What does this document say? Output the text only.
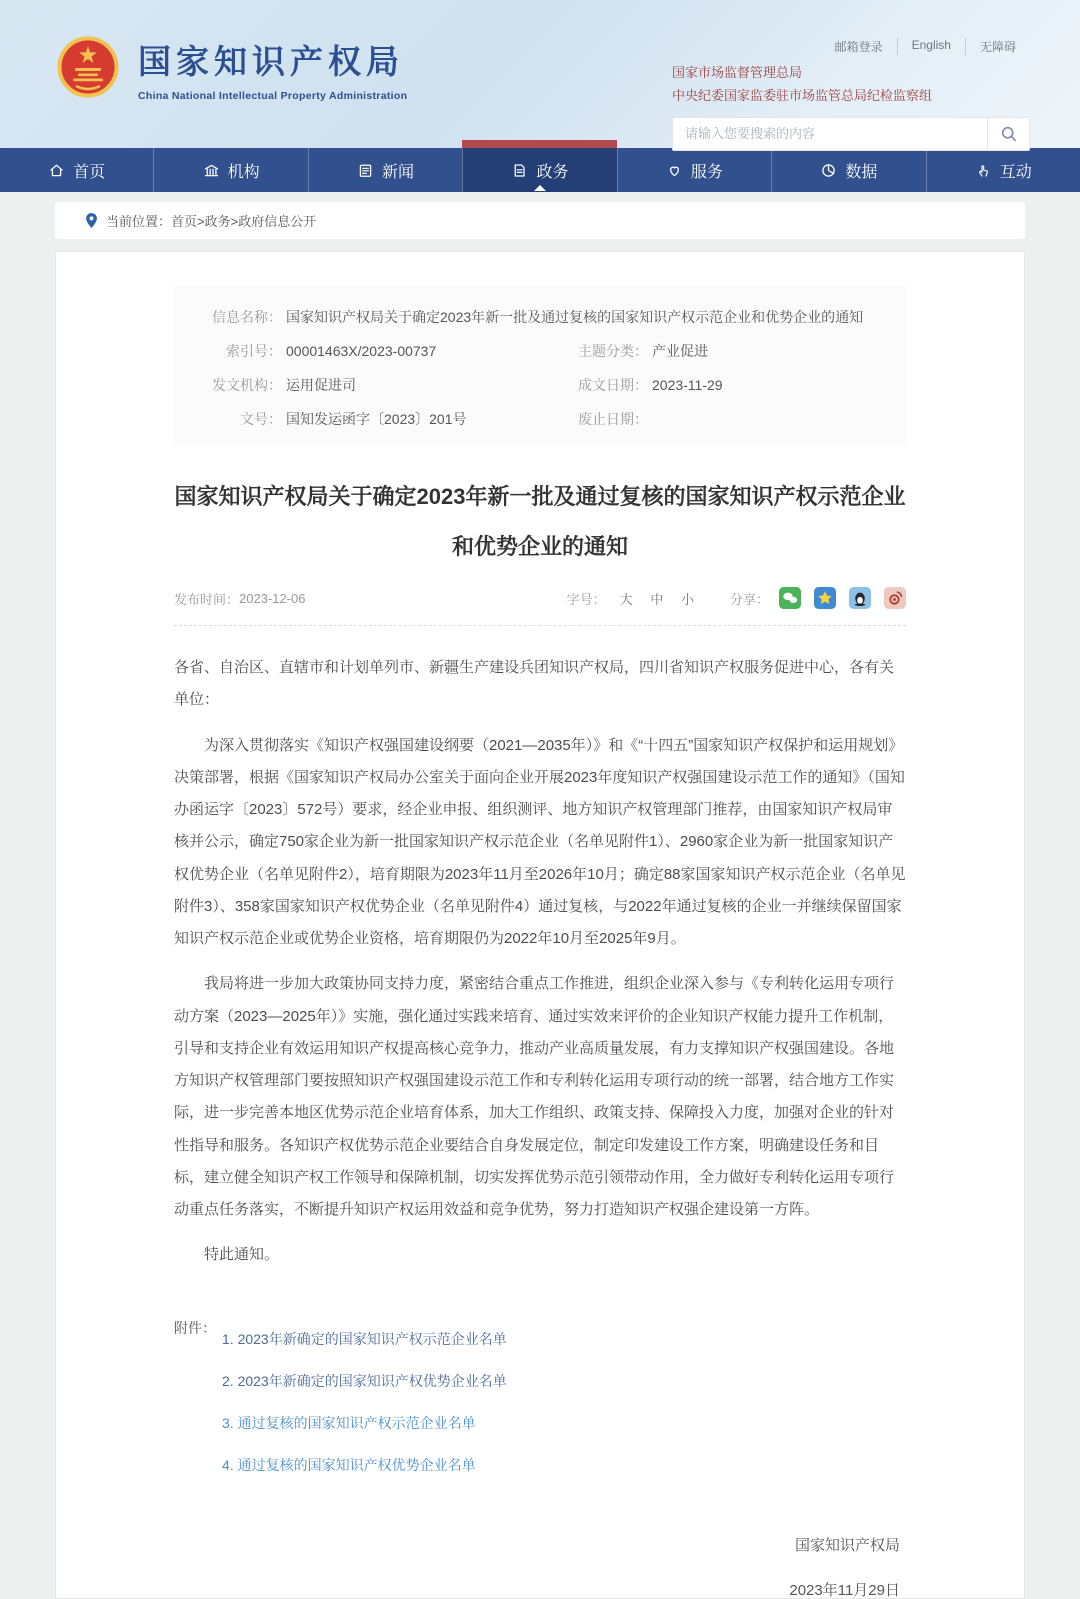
国家知识产权局
China National Intellectual Property Administration
邮箱登录	English	无障碍
国家市场监督管理总局
中央纪委国家监委驻市场监管总局纪检监察组
请输入您要搜索的内容
首页	机构	新闻	政务	服务	数据	互动
当前位置： 首页>政务>政府信息公开
信息名称： 国家知识产权局关于确定2023年新一批及通过复核的国家知识产权示范企业和优势企业的通知
索引号： 00001463X/2023-00737	主题分类： 产业促进
发文机构： 运用促进司	成文日期： 2023-11-29
文号： 国知发运函字〔2023〕201号	废止日期：
国家知识产权局关于确定2023年新一批及通过复核的国家知识产权示范企业和优势企业的通知
发布时间： 2023-12-06	字号：	大 中 小	分享：

各省、自治区、直辖市和计划单列市、新疆生产建设兵团知识产权局，四川省知识产权服务促进中心，各有关单位：

为深入贯彻落实《知识产权强国建设纲要（2021—2035年）》和《“十四五”国家知识产权保护和运用规划》决策部署，根据《国家知识产权局办公室关于面向企业开展2023年度知识产权强国建设示范工作的通知》（国知办函运字〔2023〕572号）要求，经企业申报、组织测评、地方知识产权管理部门推荐，由国家知识产权局审核并公示，确定750家企业为新一批国家知识产权示范企业（名单见附件1）、2960家企业为新一批国家知识产权优势企业（名单见附件2），培育期限为2023年11月至2026年10月；确定88家国家知识产权示范企业（名单见附件3）、358家国家知识产权优势企业（名单见附件4）通过复核，与2022年通过复核的企业一并继续保留国家知识产权示范企业或优势企业资格，培育期限仍为2022年10月至2025年9月。

我局将进一步加大政策协同支持力度，紧密结合重点工作推进，组织企业深入参与《专利转化运用专项行动方案（2023—2025年）》实施，强化通过实践来培育、通过实效来评价的企业知识产权能力提升工作机制，引导和支持企业有效运用知识产权提高核心竞争力，推动产业高质量发展，有力支撑知识产权强国建设。各地方知识产权管理部门要按照知识产权强国建设示范工作和专利转化运用专项行动的统一部署，结合地方工作实际，进一步完善本地区优势示范企业培育体系，加大工作组织、政策支持、保障投入力度，加强对企业的针对性指导和服务。各知识产权优势示范企业要结合自身发展定位，制定印发建设工作方案，明确建设任务和目标，建立健全知识产权工作领导和保障机制，切实发挥优势示范引领带动作用，全力做好专利转化运用专项行动重点任务落实，不断提升知识产权运用效益和竞争优势，努力打造知识产权强企建设第一方阵。

特此通知。

附件：
1. 2023年新确定的国家知识产权示范企业名单
2. 2023年新确定的国家知识产权优势企业名单
3. 通过复核的国家知识产权示范企业名单
4. 通过复核的国家知识产权优势企业名单
国家知识产权局
2023年11月29日
